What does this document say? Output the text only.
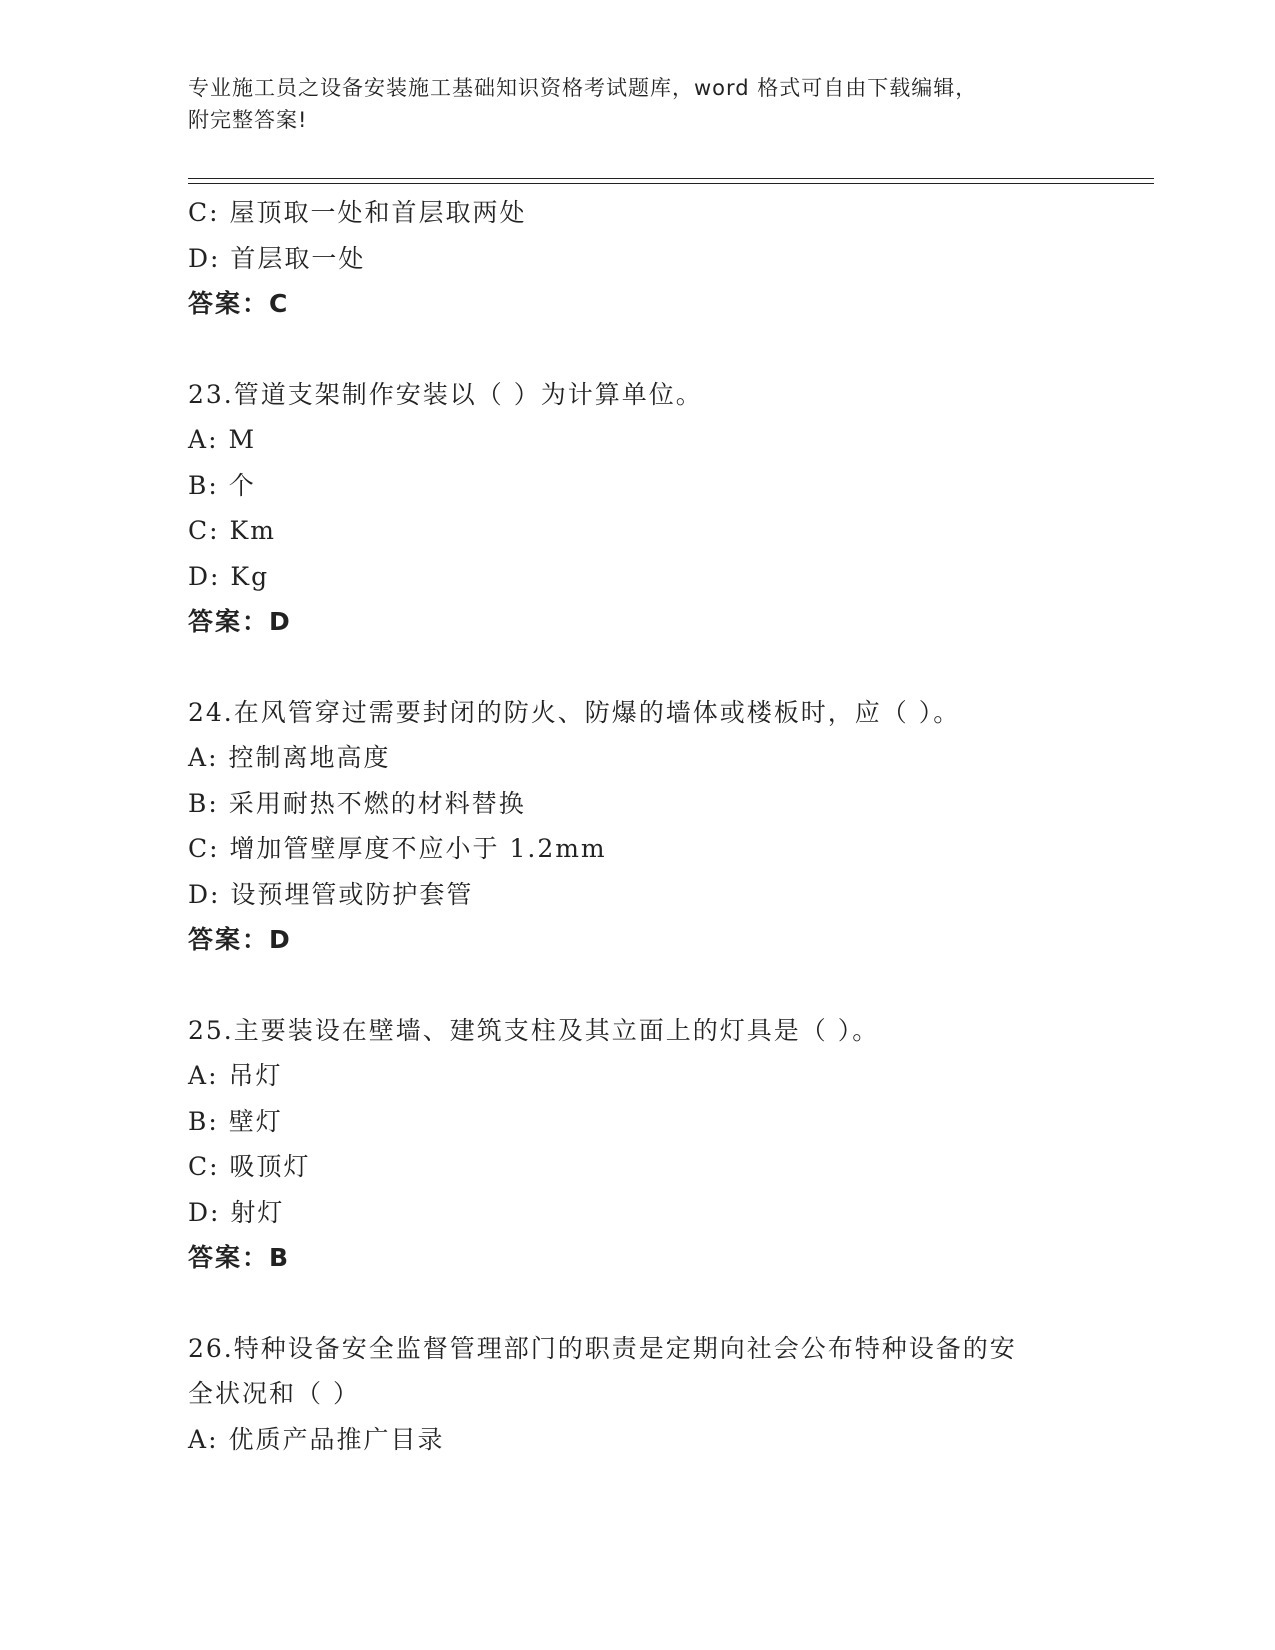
专业施工员之设备安装施工基础知识资格考试题库，word 格式可自由下载编辑，
附完整答案!
C: 屋顶取一处和首层取两处
D: 首层取一处
答案：C
23.管道支架制作安装以（ ）为计算单位。
A: M
B: 个
C: Km
D: Kg
答案：D
24.在风管穿过需要封闭的防火、防爆的墙体或楼板时，应（ ）。
A: 控制离地高度
B: 采用耐热不燃的材料替换
C: 增加管壁厚度不应小于 1.2mm
D: 设预埋管或防护套管
答案：D
25.主要装设在壁墙、建筑支柱及其立面上的灯具是（ ）。
A: 吊灯
B: 壁灯
C: 吸顶灯
D: 射灯
答案：B
26.特种设备安全监督管理部门的职责是定期向社会公布特种设备的安
全状况和（ ）
A: 优质产品推广目录
